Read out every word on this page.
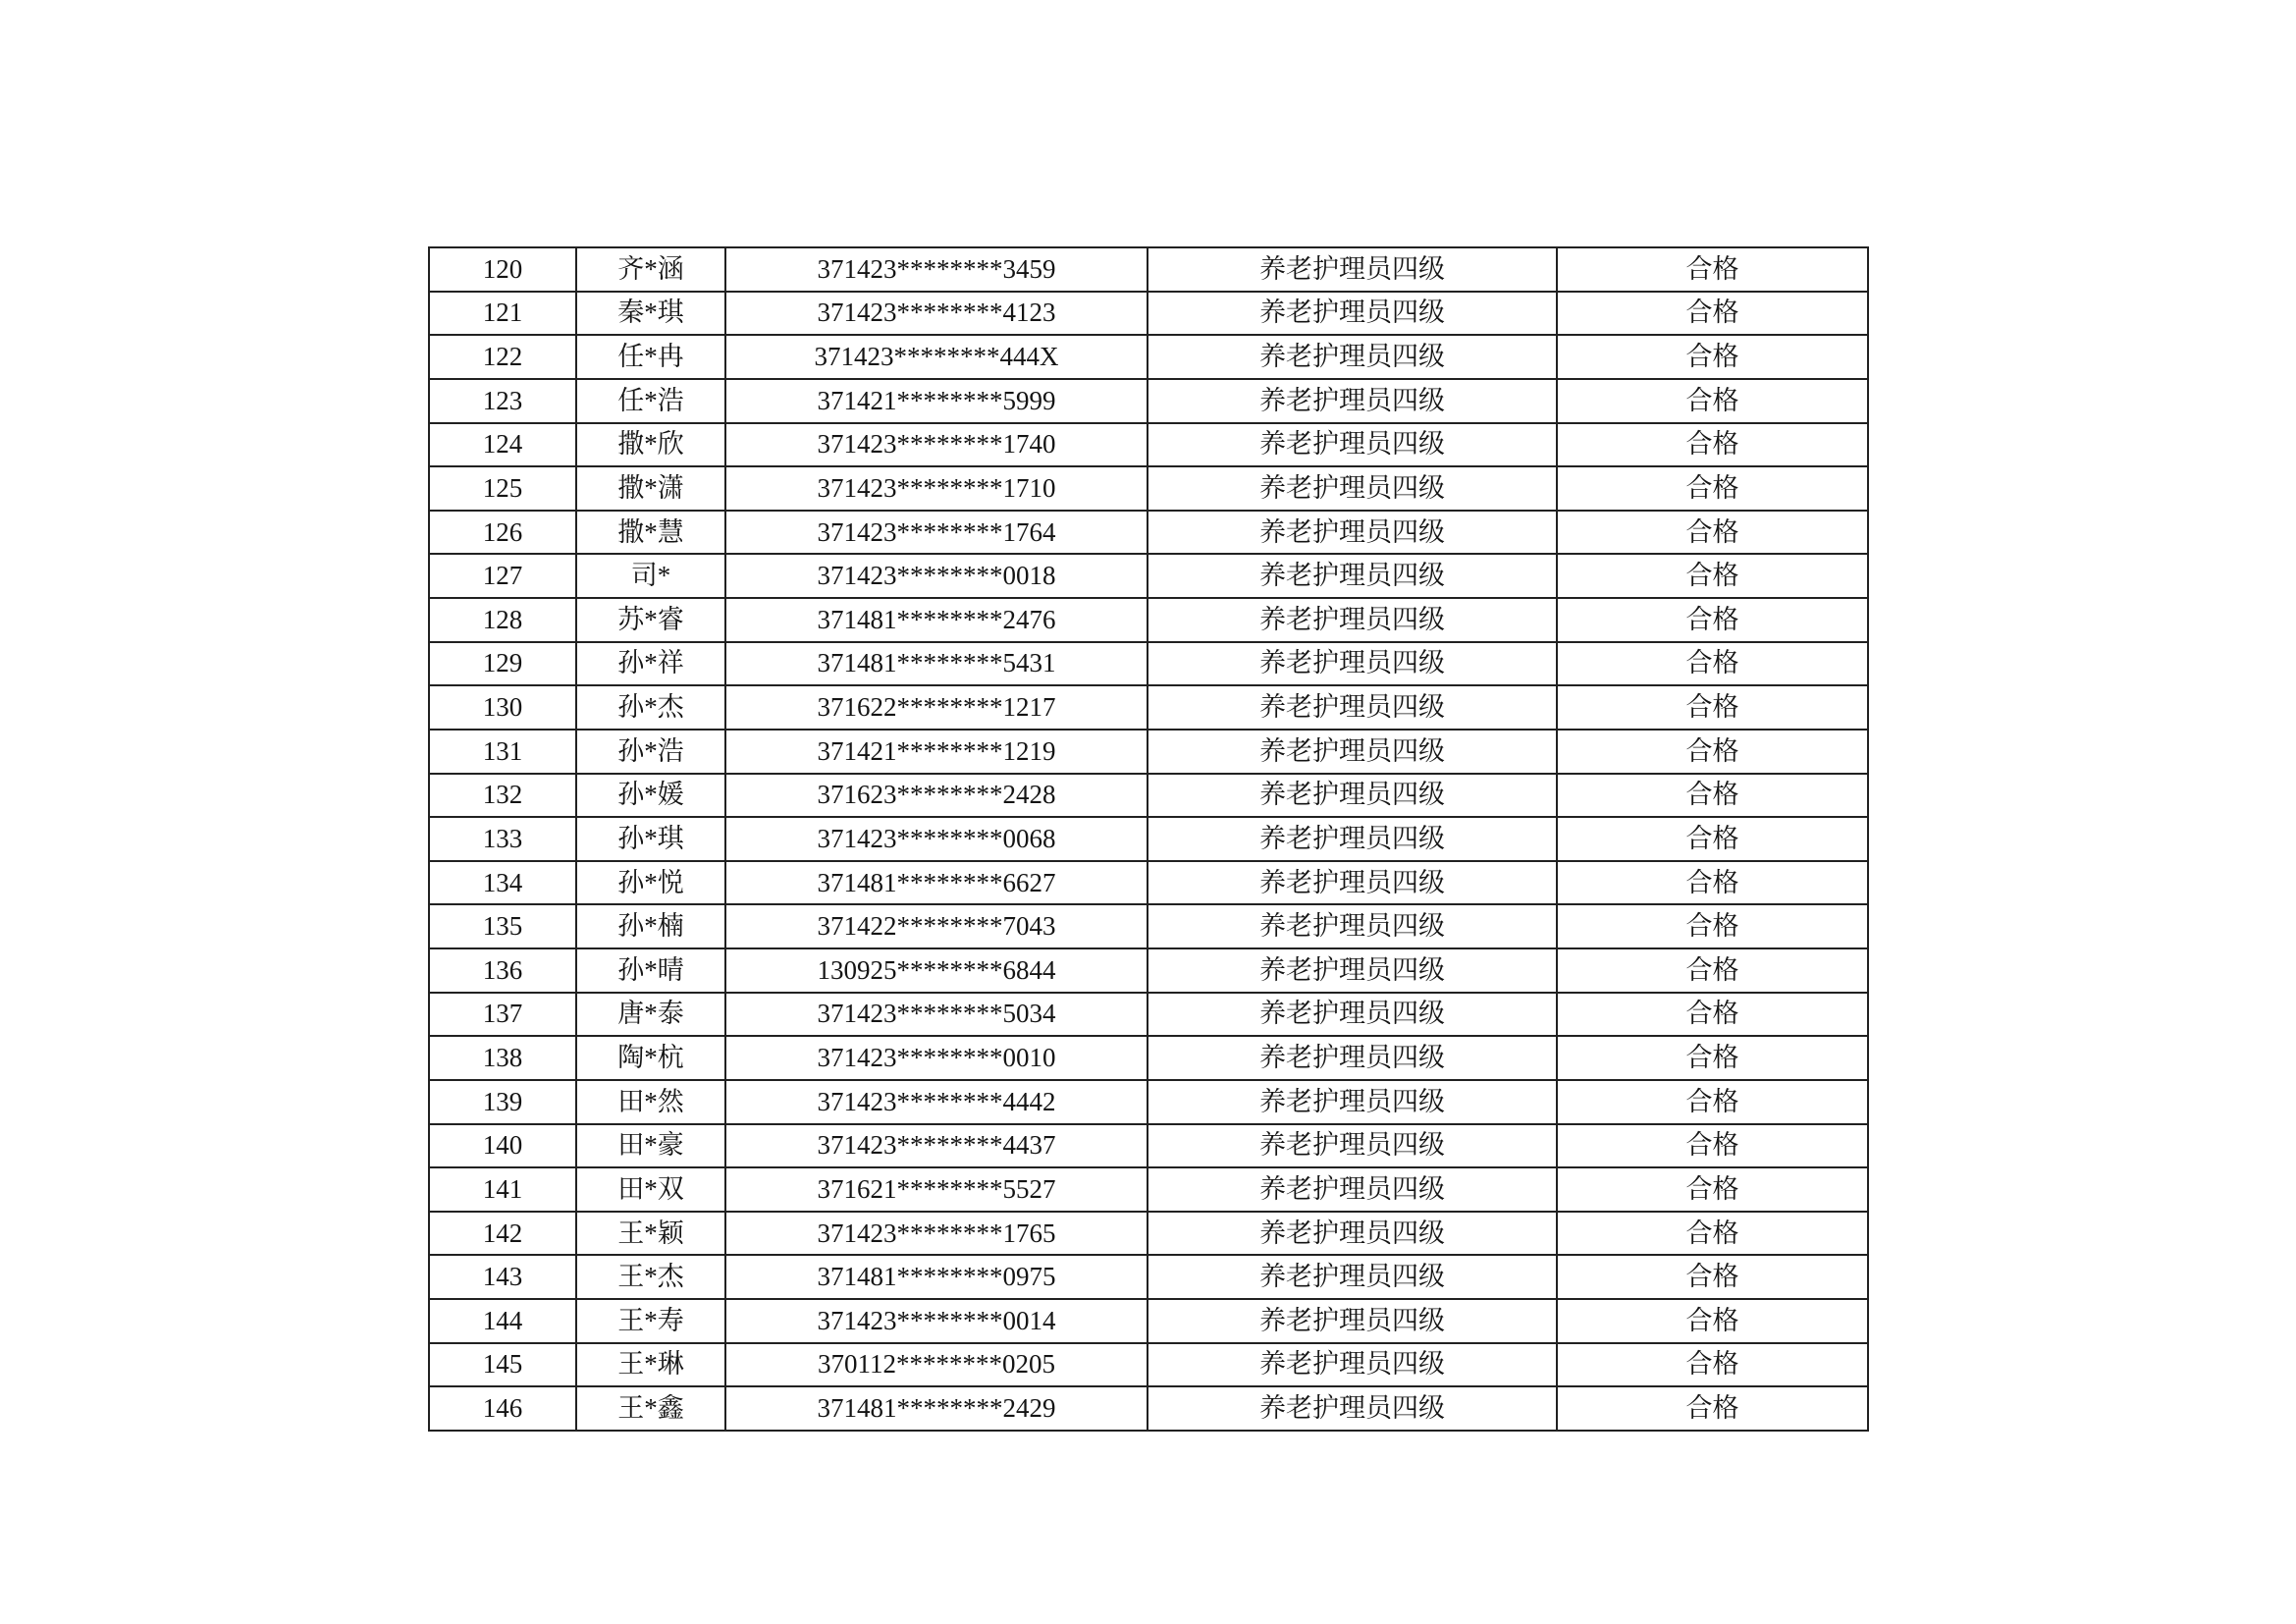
120	齐*涵	371423********3459	养老护理员四级	合格
121	秦*琪	371423********4123	养老护理员四级	合格
122	任*冉	371423********444X	养老护理员四级	合格
123	任*浩	371421********5999	养老护理员四级	合格
124	撒*欣	371423********1740	养老护理员四级	合格
125	撒*潇	371423********1710	养老护理员四级	合格
126	撒*慧	371423********1764	养老护理员四级	合格
127	司*	371423********0018	养老护理员四级	合格
128	苏*睿	371481********2476	养老护理员四级	合格
129	孙*祥	371481********5431	养老护理员四级	合格
130	孙*杰	371622********1217	养老护理员四级	合格
131	孙*浩	371421********1219	养老护理员四级	合格
132	孙*媛	371623********2428	养老护理员四级	合格
133	孙*琪	371423********0068	养老护理员四级	合格
134	孙*悦	371481********6627	养老护理员四级	合格
135	孙*楠	371422********7043	养老护理员四级	合格
136	孙*晴	130925********6844	养老护理员四级	合格
137	唐*泰	371423********5034	养老护理员四级	合格
138	陶*杭	371423********0010	养老护理员四级	合格
139	田*然	371423********4442	养老护理员四级	合格
140	田*豪	371423********4437	养老护理员四级	合格
141	田*双	371621********5527	养老护理员四级	合格
142	王*颖	371423********1765	养老护理员四级	合格
143	王*杰	371481********0975	养老护理员四级	合格
144	王*寿	371423********0014	养老护理员四级	合格
145	王*琳	370112********0205	养老护理员四级	合格
146	王*鑫	371481********2429	养老护理员四级	合格
